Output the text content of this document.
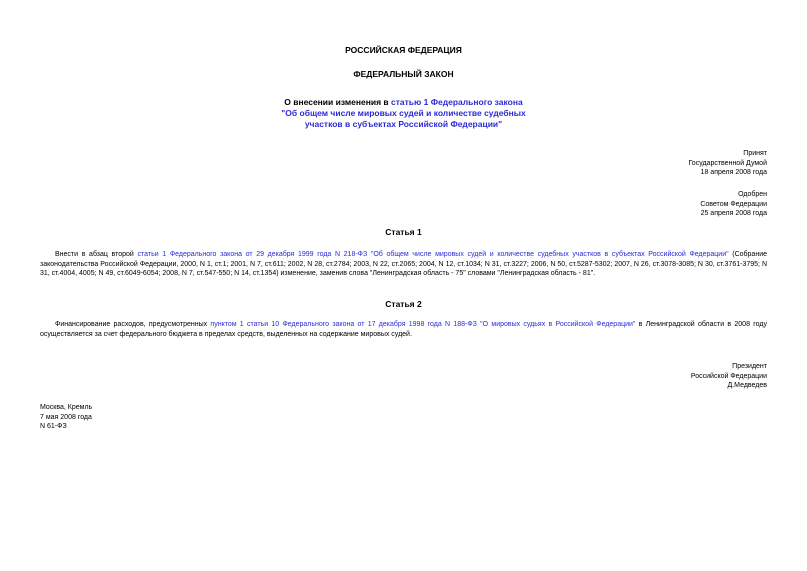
РОССИЙСКАЯ ФЕДЕРАЦИЯ
ФЕДЕРАЛЬНЫЙ ЗАКОН
О внесении изменения в статью 1 Федерального закона
"Об общем числе мировых судей и количестве судебных
участков в субъектах Российской Федерации"
Принят
Государственной Думой
18 апреля 2008 года
Одобрен
Советом Федерации
25 апреля 2008 года
Статья 1

Внести в абзац второй статьи 1 Федерального закона от 29 декабря 1999 года N 218-ФЗ "Об общем числе мировых судей и количестве судебных участков в субъектах Российской Федерации" (Собрание законодательства Российской Федерации, 2000, N 1, ст.1; 2001, N 7, ст.611; 2002, N 28, ст.2784; 2003, N 22, ст.2065; 2004, N 12, ст.1034; N 31, ст.3227; 2006, N 50, ст.5287-5302; 2007, N 26, ст.3078-3085; N 30, ст.3761-3795; N 31, ст.4004, 4005; N 49, ст.6049-6054; 2008, N 7, ст.547-550; N 14, ст.1354) изменение, заменив слова "Ленинградская область - 75" словами "Ленинградская область - 81".

Статья 2

Финансирование расходов, предусмотренных пунктом 1 статьи 10 Федерального закона от 17 декабря 1998 года N 188-ФЗ "О мировых судьях в Российской Федерации" в Ленинградской области в 2008 году осуществляется за счет федерального бюджета в пределах средств, выделенных на содержание мировых судей.

Президент
Российской Федерации
Д.Медведев
Москва, Кремль
7 мая 2008 года
N 61-ФЗ
